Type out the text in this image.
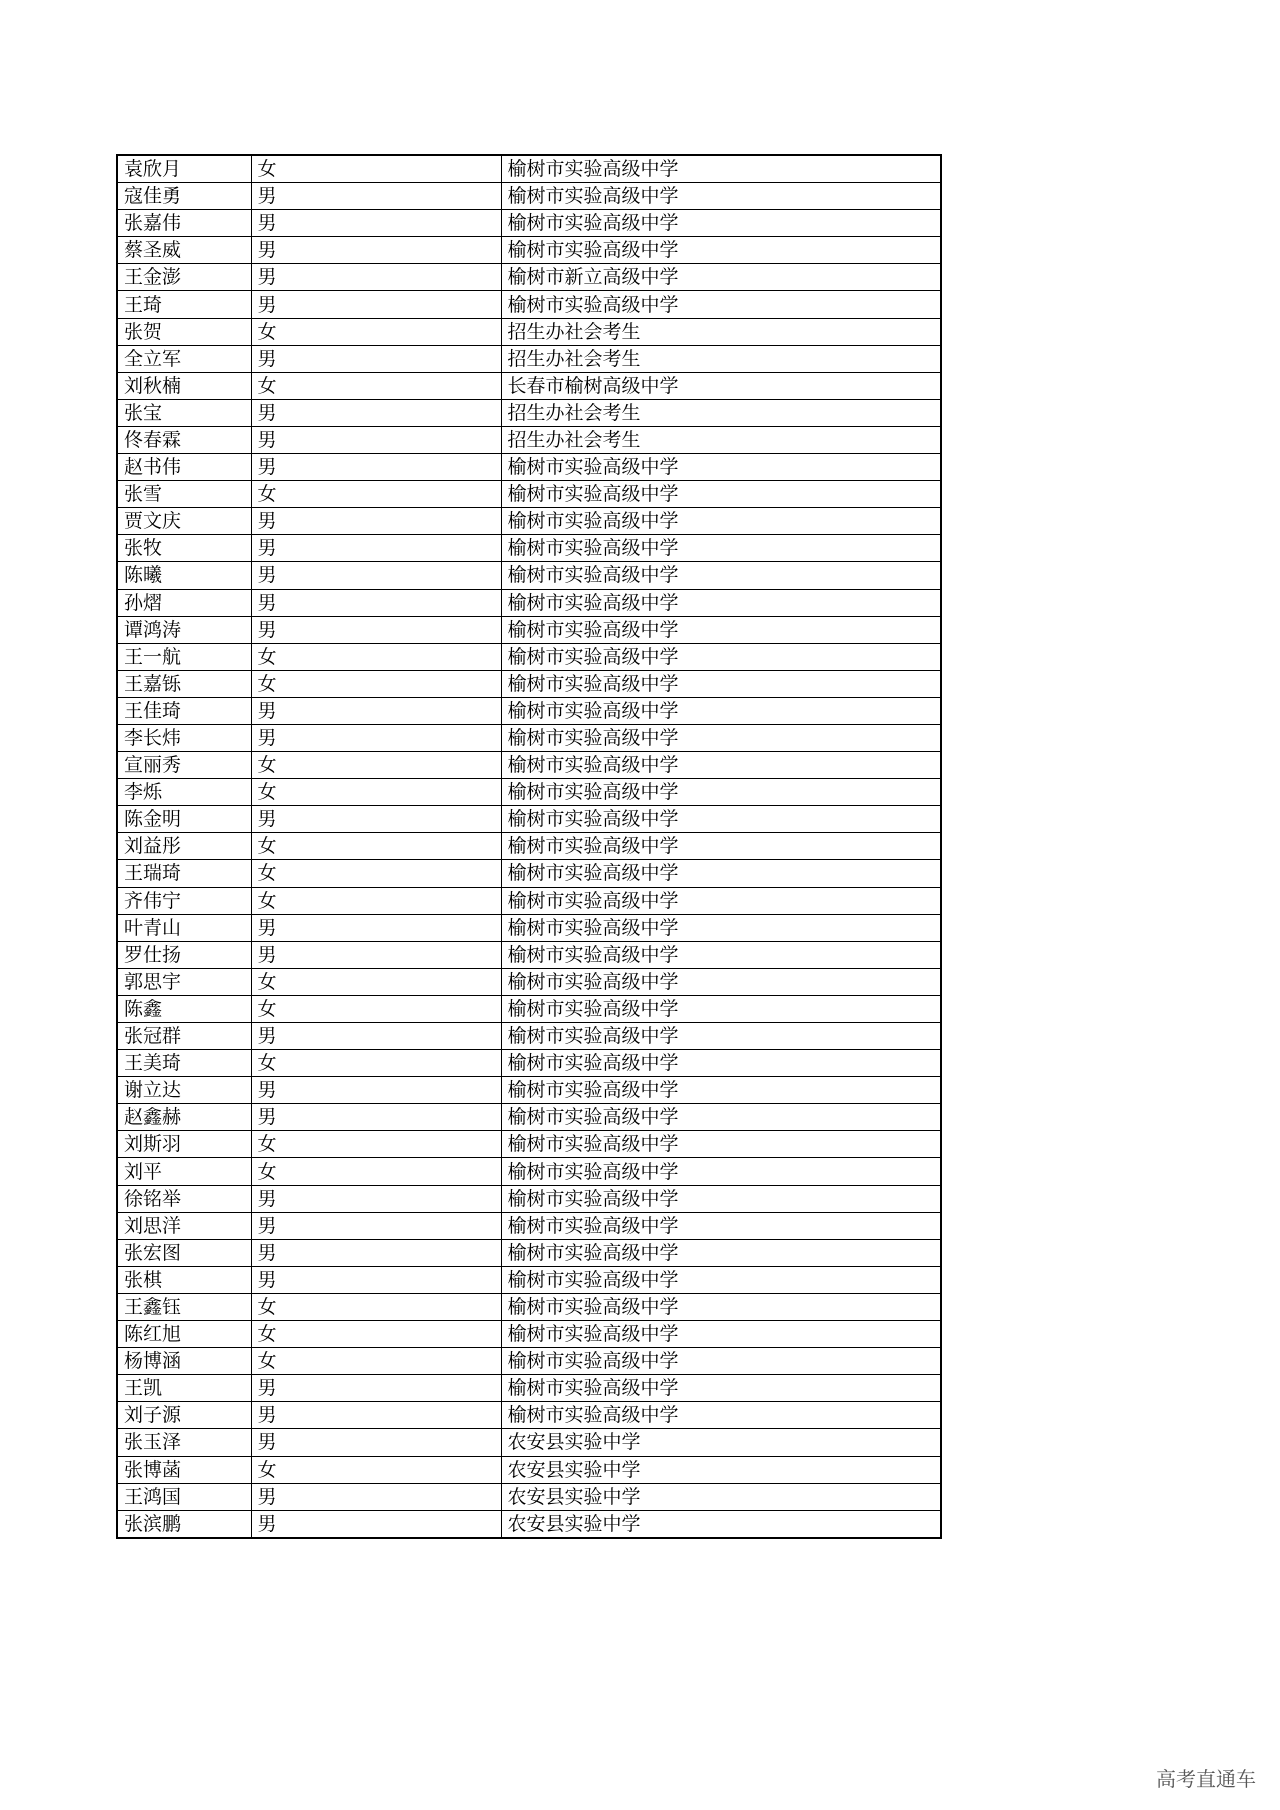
袁欣月	女	榆树市实验高级中学
寇佳勇	男	榆树市实验高级中学
张嘉伟	男	榆树市实验高级中学
蔡圣威	男	榆树市实验高级中学
王金澎	男	榆树市新立高级中学
王琦	男	榆树市实验高级中学
张贺	女	招生办社会考生
全立军	男	招生办社会考生
刘秋楠	女	长春市榆树高级中学
张宝	男	招生办社会考生
佟春霖	男	招生办社会考生
赵书伟	男	榆树市实验高级中学
张雪	女	榆树市实验高级中学
贾文庆	男	榆树市实验高级中学
张牧	男	榆树市实验高级中学
陈曦	男	榆树市实验高级中学
孙熠	男	榆树市实验高级中学
谭鸿涛	男	榆树市实验高级中学
王一航	女	榆树市实验高级中学
王嘉铄	女	榆树市实验高级中学
王佳琦	男	榆树市实验高级中学
李长炜	男	榆树市实验高级中学
宣丽秀	女	榆树市实验高级中学
李烁	女	榆树市实验高级中学
陈金明	男	榆树市实验高级中学
刘益彤	女	榆树市实验高级中学
王瑞琦	女	榆树市实验高级中学
齐伟宁	女	榆树市实验高级中学
叶青山	男	榆树市实验高级中学
罗仕扬	男	榆树市实验高级中学
郭思宇	女	榆树市实验高级中学
陈鑫	女	榆树市实验高级中学
张冠群	男	榆树市实验高级中学
王美琦	女	榆树市实验高级中学
谢立达	男	榆树市实验高级中学
赵鑫赫	男	榆树市实验高级中学
刘斯羽	女	榆树市实验高级中学
刘平	女	榆树市实验高级中学
徐铭举	男	榆树市实验高级中学
刘思洋	男	榆树市实验高级中学
张宏图	男	榆树市实验高级中学
张棋	男	榆树市实验高级中学
王鑫钰	女	榆树市实验高级中学
陈红旭	女	榆树市实验高级中学
杨博涵	女	榆树市实验高级中学
王凯	男	榆树市实验高级中学
刘子源	男	榆树市实验高级中学
张玉泽	男	农安县实验中学
张博菡	女	农安县实验中学
王鸿国	男	农安县实验中学
张滨鹏	男	农安县实验中学
高考直通车
